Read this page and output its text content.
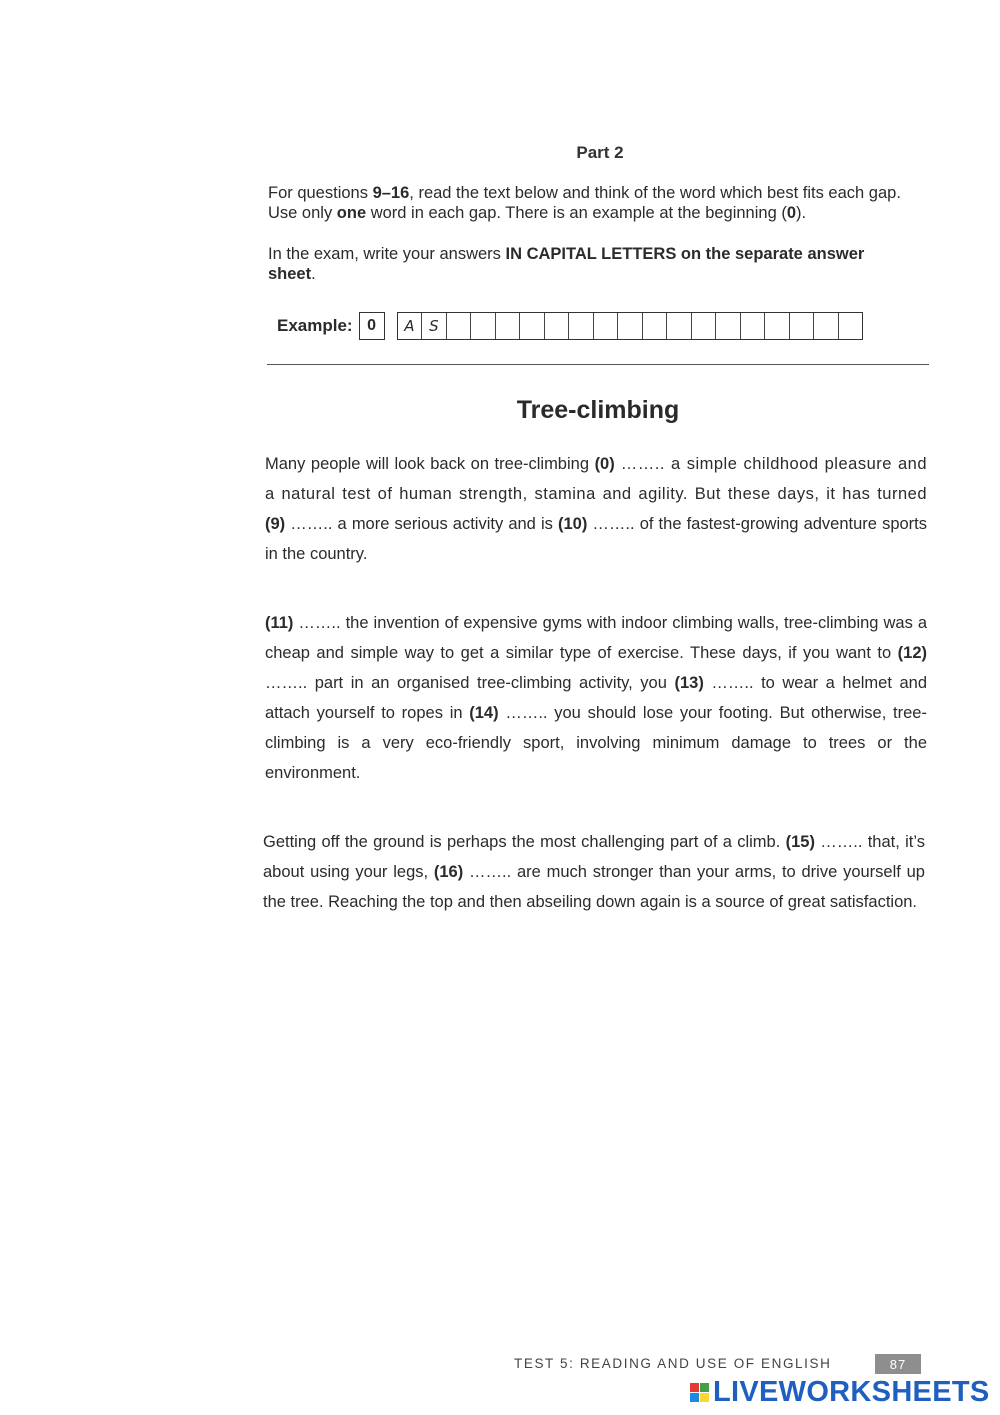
Part 2
For questions 9–16, read the text below and think of the word which best fits each gap. Use only one word in each gap. There is an example at the beginning (0).
In the exam, write your answers IN CAPITAL LETTERS on the separate answer sheet.
Example: 0	A S
Tree-climbing
Many people will look back on tree-climbing (0) …….. a simple childhood pleasure and a natural test of human strength, stamina and agility. But these days, it has turned (9) …….. a more serious activity and is (10) …….. of the fastest-growing adventure sports in the country.
(11) …….. the invention of expensive gyms with indoor climbing walls, tree-climbing was a cheap and simple way to get a similar type of exercise. These days, if you want to (12) …….. part in an organised tree-climbing activity, you (13) …….. to wear a helmet and attach yourself to ropes in (14) …….. you should lose your footing. But otherwise, tree-climbing is a very eco-friendly sport, involving minimum damage to trees or the environment.
Getting off the ground is perhaps the most challenging part of a climb. (15) …….. that, it’s about using your legs, (16) …….. are much stronger than your arms, to drive yourself up the tree. Reaching the top and then abseiling down again is a source of great satisfaction.
TEST 5: READING AND USE OF ENGLISH	87
LIVEWORKSHEETS
